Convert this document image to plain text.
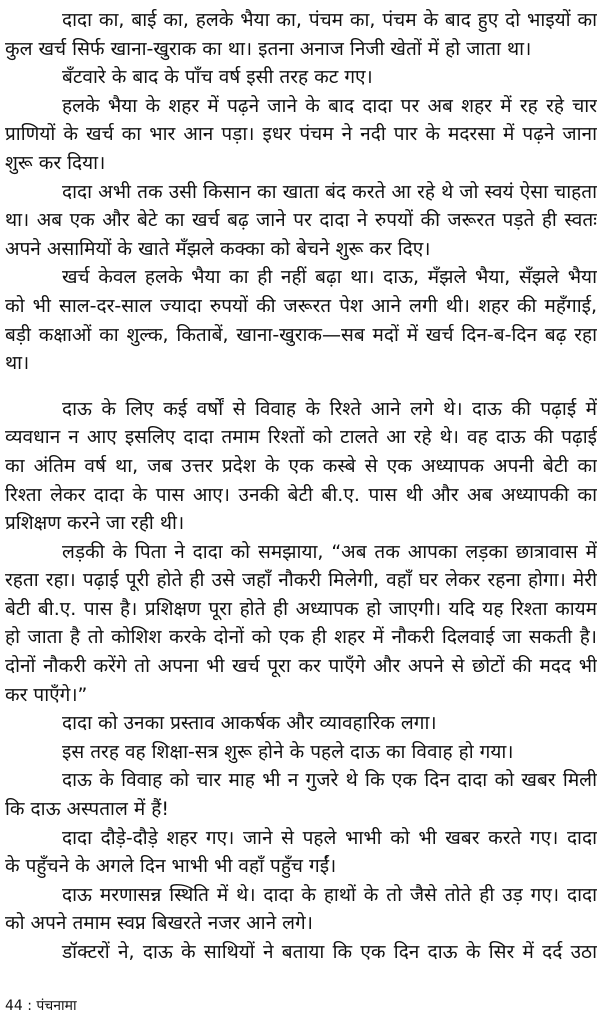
दादा का, बाई का, हलके भैया का, पंचम का, पंचम के बाद हुए दो भाइयों का
कुल खर्च सिर्फ खाना-खुराक का था। इतना अनाज निजी खेतों में हो जाता था।
बँटवारे के बाद के पाँच वर्ष इसी तरह कट गए।
हलके भैया के शहर में पढ़ने जाने के बाद दादा पर अब शहर में रह रहे चार
प्राणियों के खर्च का भार आन पड़ा। इधर पंचम ने नदी पार के मदरसा में पढ़ने जाना
शुरू कर दिया।
दादा अभी तक उसी किसान का खाता बंद करते आ रहे थे जो स्वयं ऐसा चाहता
था। अब एक और बेटे का खर्च बढ़ जाने पर दादा ने रुपयों की जरूरत पड़ते ही स्वतः
अपने असामियों के खाते मँझले कक्का को बेचने शुरू कर दिए।
खर्च केवल हलके भैया का ही नहीं बढ़ा था। दाऊ, मँझले भैया, सँझले भैया
को भी साल-दर-साल ज्यादा रुपयों की जरूरत पेश आने लगी थी। शहर की महँगाई,
बड़ी कक्षाओं का शुल्क, किताबें, खाना-खुराक—सब मदों में खर्च दिन-ब-दिन बढ़ रहा
था।
दाऊ के लिए कई वर्षों से विवाह के रिश्ते आने लगे थे। दाऊ की पढ़ाई में
व्यवधान न आए इसलिए दादा तमाम रिश्तों को टालते आ रहे थे। वह दाऊ की पढ़ाई
का अंतिम वर्ष था, जब उत्तर प्रदेश के एक कस्बे से एक अध्यापक अपनी बेटी का
रिश्ता लेकर दादा के पास आए। उनकी बेटी बी.ए. पास थी और अब अध्यापकी का
प्रशिक्षण करने जा रही थी।
लड़की के पिता ने दादा को समझाया, “अब तक आपका लड़का छात्रावास में
रहता रहा। पढ़ाई पूरी होते ही उसे जहाँ नौकरी मिलेगी, वहाँ घर लेकर रहना होगा। मेरी
बेटी बी.ए. पास है। प्रशिक्षण पूरा होते ही अध्यापक हो जाएगी। यदि यह रिश्ता कायम
हो जाता है तो कोशिश करके दोनों को एक ही शहर में नौकरी दिलवाई जा सकती है।
दोनों नौकरी करेंगे तो अपना भी खर्च पूरा कर पाएँगे और अपने से छोटों की मदद भी
कर पाएँगे।”
दादा को उनका प्रस्ताव आकर्षक और व्यावहारिक लगा।
इस तरह वह शिक्षा-सत्र शुरू होने के पहले दाऊ का विवाह हो गया।
दाऊ के विवाह को चार माह भी न गुजरे थे कि एक दिन दादा को खबर मिली
कि दाऊ अस्पताल में हैं!
दादा दौड़े-दौड़े शहर गए। जाने से पहले भाभी को भी खबर करते गए। दादा
के पहुँचने के अगले दिन भाभी भी वहाँ पहुँच गईं।
दाऊ मरणासन्न स्थिति में थे। दादा के हाथों के तो जैसे तोते ही उड़ गए। दादा
को अपने तमाम स्वप्न बिखरते नजर आने लगे।
डॉक्टरों ने, दाऊ के साथियों ने बताया कि एक दिन दाऊ के सिर में दर्द उठा
44 : पंचनामा
